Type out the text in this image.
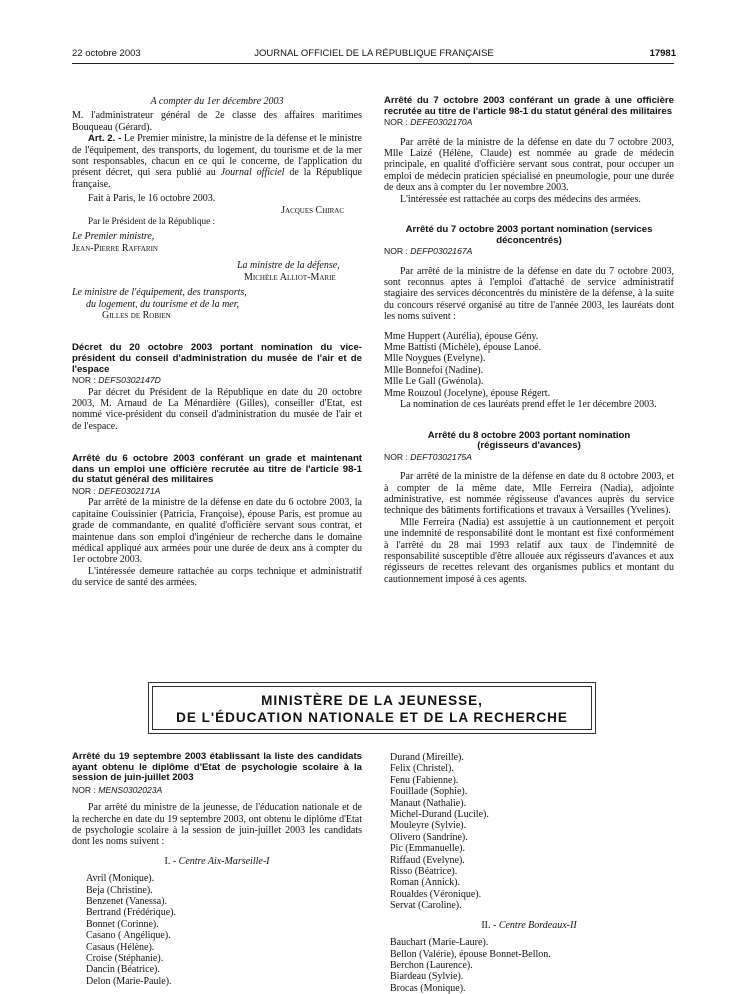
22 octobre 2003	JOURNAL OFFICIEL DE LA RÉPUBLIQUE FRANÇAISE	17981

A compter du 1er décembre 2003

M. l'administrateur général de 2e classe des affaires maritimes Bouqueau (Gérard).

Art. 2. - Le Premier ministre, la ministre de la défense et le ministre de l'équipement, des transports, du logement, du tourisme et de la mer sont responsables, chacun en ce qui le concerne, de l'application du présent décret, qui sera publié au Journal officiel de la République française.

Fait à Paris, le 16 octobre 2003.

Jacques Chirac

Par le Président de la République :

Le Premier ministre,

Jean-Pierre Raffarin

La ministre de la défense,

Michèle Alliot-Marie

Le ministre de l'équipement, des transports,

du logement, du tourisme et de la mer,

Gilles de Robien

Décret du 20 octobre 2003 portant nomination du vice-président du conseil d'administration du musée de l'air et de l'espace

NOR : DEFS0302147D

Par décret du Président de la République en date du 20 octobre 2003, M. Arnaud de La Ménardière (Gilles), conseiller d'Etat, est nommé vice-président du conseil d'administration du musée de l'air et de l'espace.

Arrêté du 6 octobre 2003 conférant un grade et maintenant dans un emploi une officière recrutée au titre de l'article 98-1 du statut général des militaires

NOR : DEFE0302171A

Par arrêté de la ministre de la défense en date du 6 octobre 2003, la capitaine Couissinier (Patricia, Françoise), épouse Paris, est promue au grade de commandante, en qualité d'officière servant sous contrat, et maintenue dans son emploi d'ingénieur de recherche dans le domaine médical appliqué aux armées pour une durée de deux ans à compter du 1er octobre 2003.

L'intéressée demeure rattachée au corps technique et administratif du service de santé des armées.

Arrêté du 7 octobre 2003 conférant un grade à une officière recrutée au titre de l'article 98-1 du statut général des militaires

NOR : DEFE0302170A

Par arrêté de la ministre de la défense en date du 7 octobre 2003, Mlle Laizé (Hélène, Claude) est nommée au grade de médecin principale, en qualité d'officière servant sous contrat, pour occuper un emploi de médecin praticien spécialisé en pneumologie, pour une durée de deux ans à compter du 1er novembre 2003.

L'intéressée est rattachée au corps des médecins des armées.

Arrêté du 7 octobre 2003 portant nomination (services déconcentrés)

NOR : DEFP0302167A

Par arrêté de la ministre de la défense en date du 7 octobre 2003, sont reconnus aptes à l'emploi d'attaché de service administratif stagiaire des services déconcentrés du ministère de la défense, à la suite du concours réservé organisé au titre de l'année 2003, les lauréats dont les noms suivent :

Mme Huppert (Aurélia), épouse Gény.

Mme Battisti (Michèle), épouse Lanoé.

Mlle Noygues (Evelyne).

Mlle Bonnefoi (Nadine).

Mlle Le Gall (Gwénola).

Mme Rouzoul (Jocelyne), épouse Régert.

La nomination de ces lauréats prend effet le 1er décembre 2003.

Arrêté du 8 octobre 2003 portant nomination (régisseurs d'avances)

NOR : DEFT0302175A

Par arrêté de la ministre de la défense en date du 8 octobre 2003, et à compter de la même date, Mlle Ferreira (Nadia), adjointe administrative, est nommée régisseuse d'avances auprès du service technique des bâtiments fortifications et travaux à Versailles (Yvelines).

Mlle Ferreira (Nadia) est assujettie à un cautionnement et perçoit une indemnité de responsabilité dont le montant est fixé conformément à l'arrêté du 28 mai 1993 relatif aux taux de l'indemnité de responsabilité susceptible d'être allouée aux régisseurs d'avances et aux régisseurs de recettes relevant des organismes publics et montant du cautionnement imposé à ces agents.

MINISTÈRE DE LA JEUNESSE,
DE L'ÉDUCATION NATIONALE ET DE LA RECHERCHE

Arrêté du 19 septembre 2003 établissant la liste des candidats ayant obtenu le diplôme d'Etat de psychologie scolaire à la session de juin-juillet 2003

NOR : MENS0302023A

Par arrêté du ministre de la jeunesse, de l'éducation nationale et de la recherche en date du 19 septembre 2003, ont obtenu le diplôme d'Etat de psychologie scolaire à la session de juin-juillet 2003 les candidats dont les noms suivent :

I. - Centre Aix-Marseille-I

Avril (Monique).

Beja (Christine).

Benzenet (Vanessa).

Bertrand (Frédérique).

Bonnet (Corinne).

Casano ( Angélique).

Casaus (Hélène).

Croise (Stéphanie).

Dancin (Béatrice).

Delon (Marie-Paule).

Durand (Mireille).

Felix (Christel).

Fenu (Fabienne).

Fouillade (Sophie).

Manaut (Nathalie).

Michel-Durand (Lucile).

Mouleyre (Sylvie).

Olivero (Sandrine).

Pic (Emmanuelle).

Riffaud (Evelyne).

Risso (Béatrice).

Roman (Annick).

Roualdes (Véronique).

Servat (Caroline).

II. - Centre Bordeaux-II

Bauchart (Marie-Laure).

Bellon (Valérie), épouse Bonnet-Bellon.

Berchon (Laurence).

Biardeau (Sylvie).

Brocas (Monique).
